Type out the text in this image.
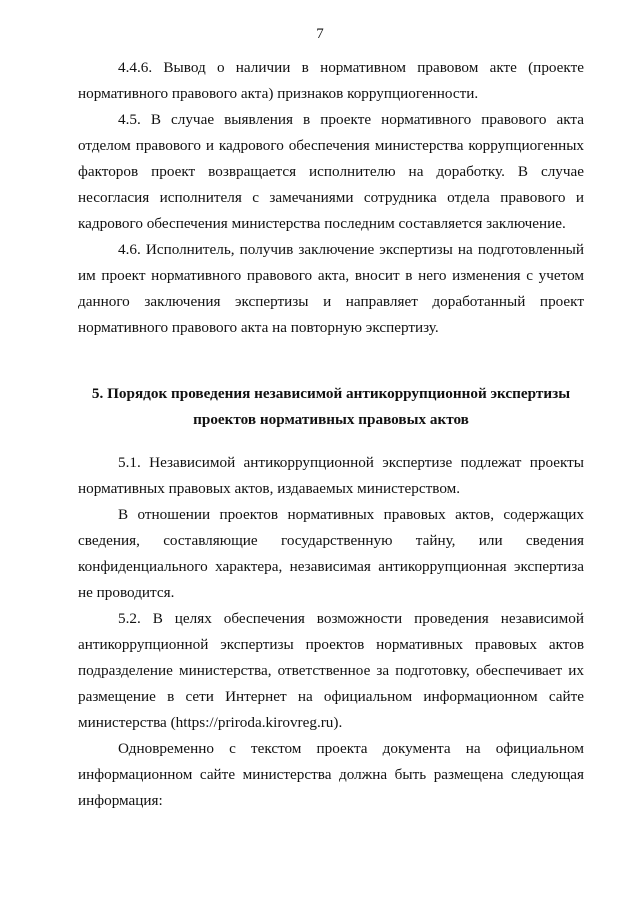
7

4.4.6. Вывод о наличии в нормативном правовом акте (проекте нормативного правового акта) признаков коррупциогенности.

4.5. В случае выявления в проекте нормативного правового акта отделом правового и кадрового обеспечения министерства коррупциогенных факторов проект возвращается исполнителю на доработку. В случае несогласия исполнителя с замечаниями сотрудника отдела правового и кадрового обеспечения министерства последним составляется заключение.

4.6. Исполнитель, получив заключение экспертизы на подготовленный им проект нормативного правового акта, вносит в него изменения с учетом данного заключения экспертизы и направляет доработанный проект нормативного правового акта на повторную экспертизу.

5. Порядок проведения независимой антикоррупционной экспертизы
проектов нормативных правовых актов

5.1. Независимой антикоррупционной экспертизе подлежат проекты нормативных правовых актов, издаваемых министерством.

В отношении проектов нормативных правовых актов, содержащих сведения, составляющие государственную тайну, или сведения конфиденциального характера, независимая антикоррупционная экспертиза не проводится.

5.2. В целях обеспечения возможности проведения независимой антикоррупционной экспертизы проектов нормативных правовых актов подразделение министерства, ответственное за подготовку, обеспечивает их размещение в сети Интернет на официальном информационном сайте министерства (https://priroda.kirovreg.ru).

Одновременно с текстом проекта документа на официальном информационном сайте министерства должна быть размещена следующая информация:
